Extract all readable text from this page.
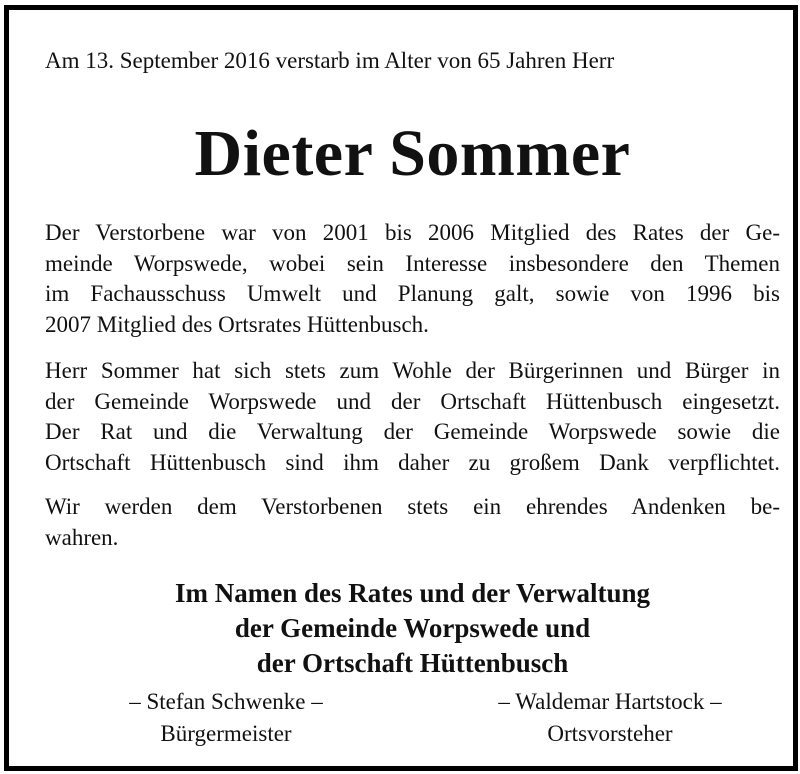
Am 13. September 2016 verstarb im Alter von 65 Jahren Herr
Dieter Sommer
Der Verstorbene war von 2001 bis 2006 Mitglied des Rates der Ge-
meinde Worpswede, wobei sein Interesse insbesondere den Themen
im Fachausschuss Umwelt und Planung galt, sowie von 1996 bis
2007 Mitglied des Ortsrates Hüttenbusch.
Herr Sommer hat sich stets zum Wohle der Bürgerinnen und Bürger in
der Gemeinde Worpswede und der Ortschaft Hüttenbusch eingesetzt.
Der Rat und die Verwaltung der Gemeinde Worpswede sowie die
Ortschaft Hüttenbusch sind ihm daher zu großem Dank verpflichtet.
Wir werden dem Verstorbenen stets ein ehrendes Andenken be-
wahren.
Im Namen des Rates und der Verwaltung
der Gemeinde Worpswede und
der Ortschaft Hüttenbusch
– Stefan Schwenke –
Bürgermeister
– Waldemar Hartstock –
Ortsvorsteher
